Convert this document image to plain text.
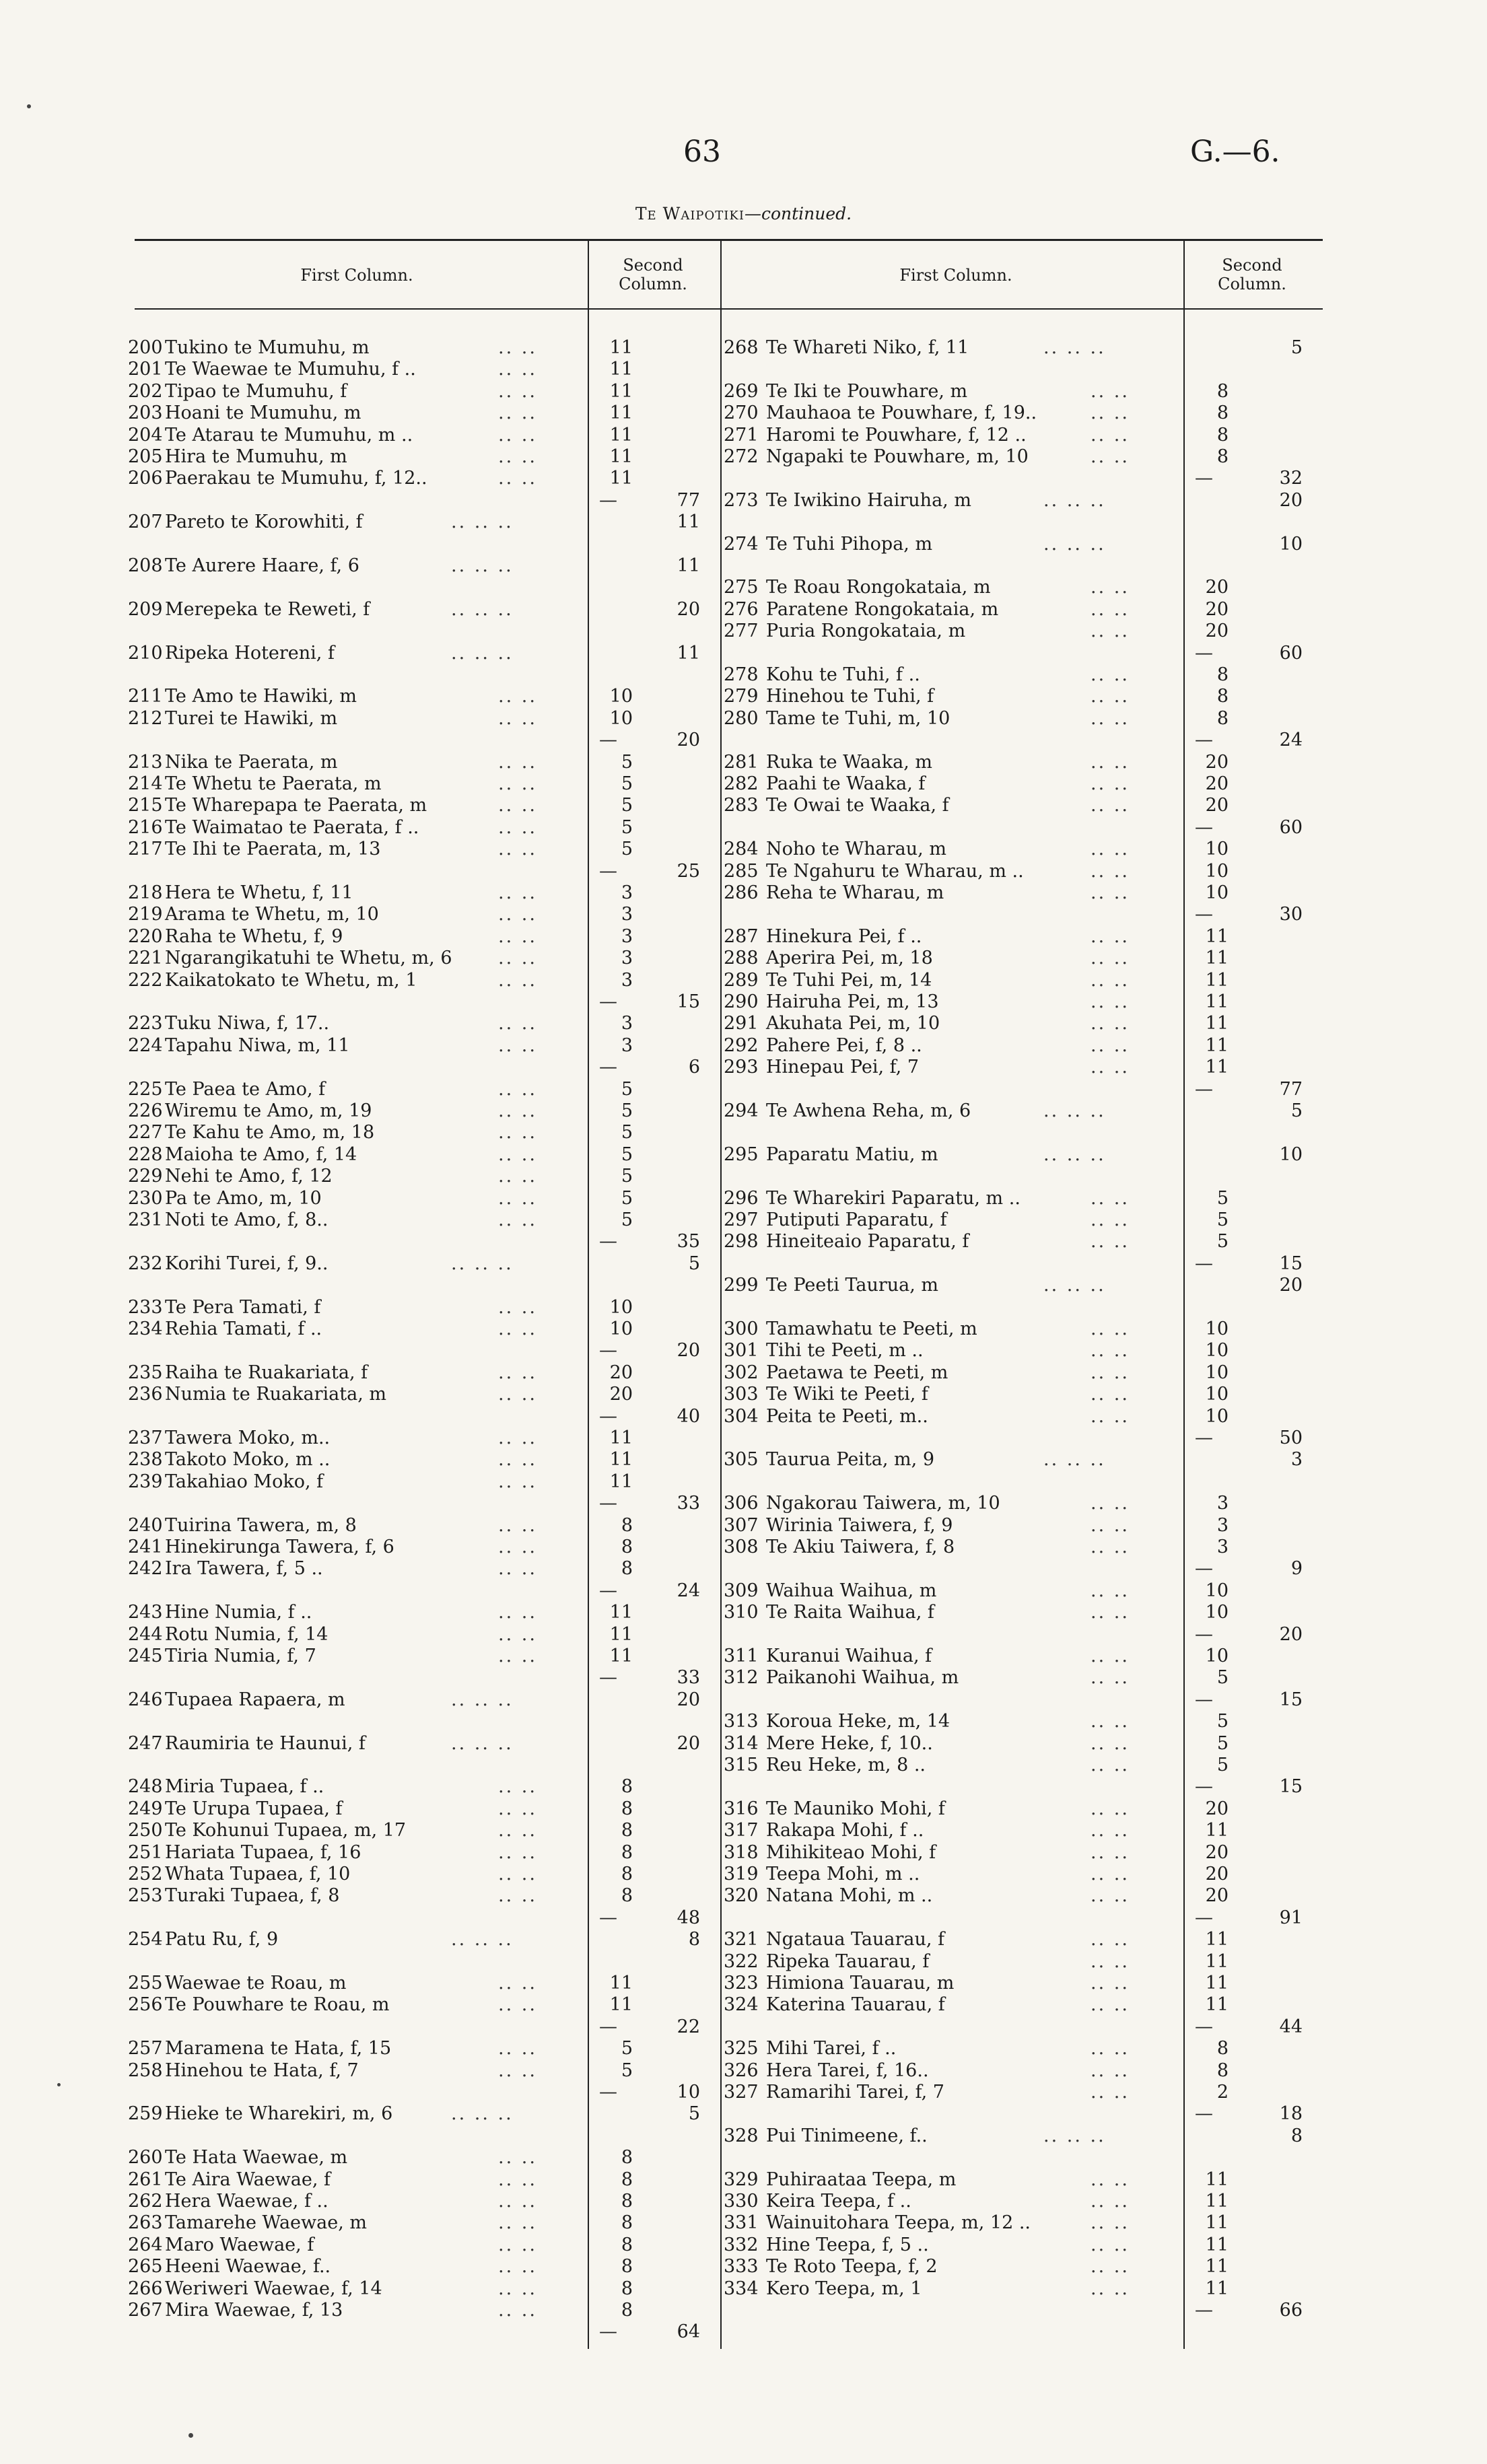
63	G.—6.
Te Waipotiki—continued.
First Column.
Second
Column.	First Column.
Second
Column.
200 Tukino te Mumuhu, m	.. ..	11
201 Te Waewae te Mumuhu, f ..	.. ..	11
202 Tipao te Mumuhu, f	.. ..	11
203 Hoani te Mumuhu, m	.. ..	11
204 Te Atarau te Mumuhu, m ..	.. ..	11
205 Hira te Mumuhu, m	.. ..	11
206 Paerakau te Mumuhu, f, 12..	.. ..	11
—	77
207 Pareto te Korowhiti, f	.. .. ..	11
208 Te Aurere Haare, f, 6	.. .. ..	11
209 Merepeka te Reweti, f	.. .. ..	20
210 Ripeka Hotereni, f	.. .. ..	11
211 Te Amo te Hawiki, m	.. ..	10
212 Turei te Hawiki, m	.. ..	10
—	20
213 Nika te Paerata, m	.. ..	5
214 Te Whetu te Paerata, m	.. ..	5
215 Te Wharepapa te Paerata, m	.. ..	5
216 Te Waimatao te Paerata, f ..	.. ..	5
217 Te Ihi te Paerata, m, 13	.. ..	5
—	25
218 Hera te Whetu, f, 11	.. ..	3
219 Arama te Whetu, m, 10	.. ..	3
220 Raha te Whetu, f, 9	.. ..	3
221 Ngarangikatuhi te Whetu, m, 6	.. ..	3
222 Kaikatokato te Whetu, m, 1	.. ..	3
—	15
223 Tuku Niwa, f, 17..	.. ..	3
224 Tapahu Niwa, m, 11	.. ..	3
—	6
225 Te Paea te Amo, f	.. ..	5
226 Wiremu te Amo, m, 19	.. ..	5
227 Te Kahu te Amo, m, 18	.. ..	5
228 Maioha te Amo, f, 14	.. ..	5
229 Nehi te Amo, f, 12	.. ..	5
230 Pa te Amo, m, 10	.. ..	5
231 Noti te Amo, f, 8..	.. ..	5
—	35
232 Korihi Turei, f, 9..	.. .. ..	5
233 Te Pera Tamati, f	.. ..	10
234 Rehia Tamati, f ..	.. ..	10
—	20
235 Raiha te Ruakariata, f	.. ..	20
236 Numia te Ruakariata, m	.. ..	20
—	40
237 Tawera Moko, m..	.. ..	11
238 Takoto Moko, m ..	.. ..	11
239 Takahiao Moko, f	.. ..	11
—	33
240 Tuirina Tawera, m, 8	.. ..	8
241 Hinekirunga Tawera, f, 6	.. ..	8
242 Ira Tawera, f, 5 ..	.. ..	8
—	24
243 Hine Numia, f ..	.. ..	11
244 Rotu Numia, f, 14	.. ..	11
245 Tiria Numia, f, 7	.. ..	11
—	33
246 Tupaea Rapaera, m	.. .. ..	20
247 Raumiria te Haunui, f	.. .. ..	20
248 Miria Tupaea, f ..	.. ..	8
249 Te Urupa Tupaea, f	.. ..	8
250 Te Kohunui Tupaea, m, 17	.. ..	8
251 Hariata Tupaea, f, 16	.. ..	8
252 Whata Tupaea, f, 10	.. ..	8
253 Turaki Tupaea, f, 8	.. ..	8
—	48
254 Patu Ru, f, 9	.. .. ..	8
255 Waewae te Roau, m	.. ..	11
256 Te Pouwhare te Roau, m	.. ..	11
—	22
257 Maramena te Hata, f, 15	.. ..	5
258 Hinehou te Hata, f, 7	.. ..	5
—	10
259 Hieke te Wharekiri, m, 6	.. .. ..	5
260 Te Hata Waewae, m	.. ..	8
261 Te Aira Waewae, f	.. ..	8
262 Hera Waewae, f ..	.. ..	8
263 Tamarehe Waewae, m	.. ..	8
264 Maro Waewae, f	.. ..	8
265 Heeni Waewae, f..	.. ..	8
266 Weriweri Waewae, f, 14	.. ..	8
267 Mira Waewae, f, 13	.. ..	8
—	64
268 Te Whareti Niko, f, 11	.. .. ..	5
269 Te Iki te Pouwhare, m	.. ..	8
270 Mauhaoa te Pouwhare, f, 19..	.. ..	8
271 Haromi te Pouwhare, f, 12 ..	.. ..	8
272 Ngapaki te Pouwhare, m, 10	.. ..	8
—	32
273 Te Iwikino Hairuha, m	.. .. ..	20
274 Te Tuhi Pihopa, m	.. .. ..	10
275 Te Roau Rongokataia, m	.. ..	20
276 Paratene Rongokataia, m	.. ..	20
277 Puria Rongokataia, m	.. ..	20
—	60
278 Kohu te Tuhi, f ..	.. ..	8
279 Hinehou te Tuhi, f	.. ..	8
280 Tame te Tuhi, m, 10	.. ..	8
—	24
281 Ruka te Waaka, m	.. ..	20
282 Paahi te Waaka, f	.. ..	20
283 Te Owai te Waaka, f	.. ..	20
—	60
284 Noho te Wharau, m	.. ..	10
285 Te Ngahuru te Wharau, m ..	.. ..	10
286 Reha te Wharau, m	.. ..	10
—	30
287 Hinekura Pei, f ..	.. ..	11
288 Aperira Pei, m, 18	.. ..	11
289 Te Tuhi Pei, m, 14	.. ..	11
290 Hairuha Pei, m, 13	.. ..	11
291 Akuhata Pei, m, 10	.. ..	11
292 Pahere Pei, f, 8 ..	.. ..	11
293 Hinepau Pei, f, 7	.. ..	11
—	77
294 Te Awhena Reha, m, 6	.. .. ..	5
295 Paparatu Matiu, m	.. .. ..	10
296 Te Wharekiri Paparatu, m ..	.. ..	5
297 Putiputi Paparatu, f	.. ..	5
298 Hineiteaio Paparatu, f	.. ..	5
—	15
299 Te Peeti Taurua, m	.. .. ..	20
300 Tamawhatu te Peeti, m	.. ..	10
301 Tihi te Peeti, m ..	.. ..	10
302 Paetawa te Peeti, m	.. ..	10
303 Te Wiki te Peeti, f	.. ..	10
304 Peita te Peeti, m..	.. ..	10
—	50
305 Taurua Peita, m, 9	.. .. ..	3
306 Ngakorau Taiwera, m, 10	.. ..	3
307 Wirinia Taiwera, f, 9	.. ..	3
308 Te Akiu Taiwera, f, 8	.. ..	3
—	9
309 Waihua Waihua, m	.. ..	10
310 Te Raita Waihua, f	.. ..	10
—	20
311 Kuranui Waihua, f	.. ..	10
312 Paikanohi Waihua, m	.. ..	5
—	15
313 Koroua Heke, m, 14	.. ..	5
314 Mere Heke, f, 10..	.. ..	5
315 Reu Heke, m, 8 ..	.. ..	5
—	15
316 Te Mauniko Mohi, f	.. ..	20
317 Rakapa Mohi, f ..	.. ..	11
318 Mihikiteao Mohi, f	.. ..	20
319 Teepa Mohi, m ..	.. ..	20
320 Natana Mohi, m ..	.. ..	20
—	91
321 Ngataua Tauarau, f	.. ..	11
322 Ripeka Tauarau, f	.. ..	11
323 Himiona Tauarau, m	.. ..	11
324 Katerina Tauarau, f	.. ..	11
—	44
325 Mihi Tarei, f ..	.. ..	8
326 Hera Tarei, f, 16..	.. ..	8
327 Ramarihi Tarei, f, 7	.. ..	2
—	18
328 Pui Tinimeene, f..	.. .. ..	8
329 Puhiraataa Teepa, m	.. ..	11
330 Keira Teepa, f ..	.. ..	11
331 Wainuitohara Teepa, m, 12 ..	.. ..	11
332 Hine Teepa, f, 5 ..	.. ..	11
333 Te Roto Teepa, f, 2	.. ..	11
334 Kero Teepa, m, 1	.. ..	11
—	66
